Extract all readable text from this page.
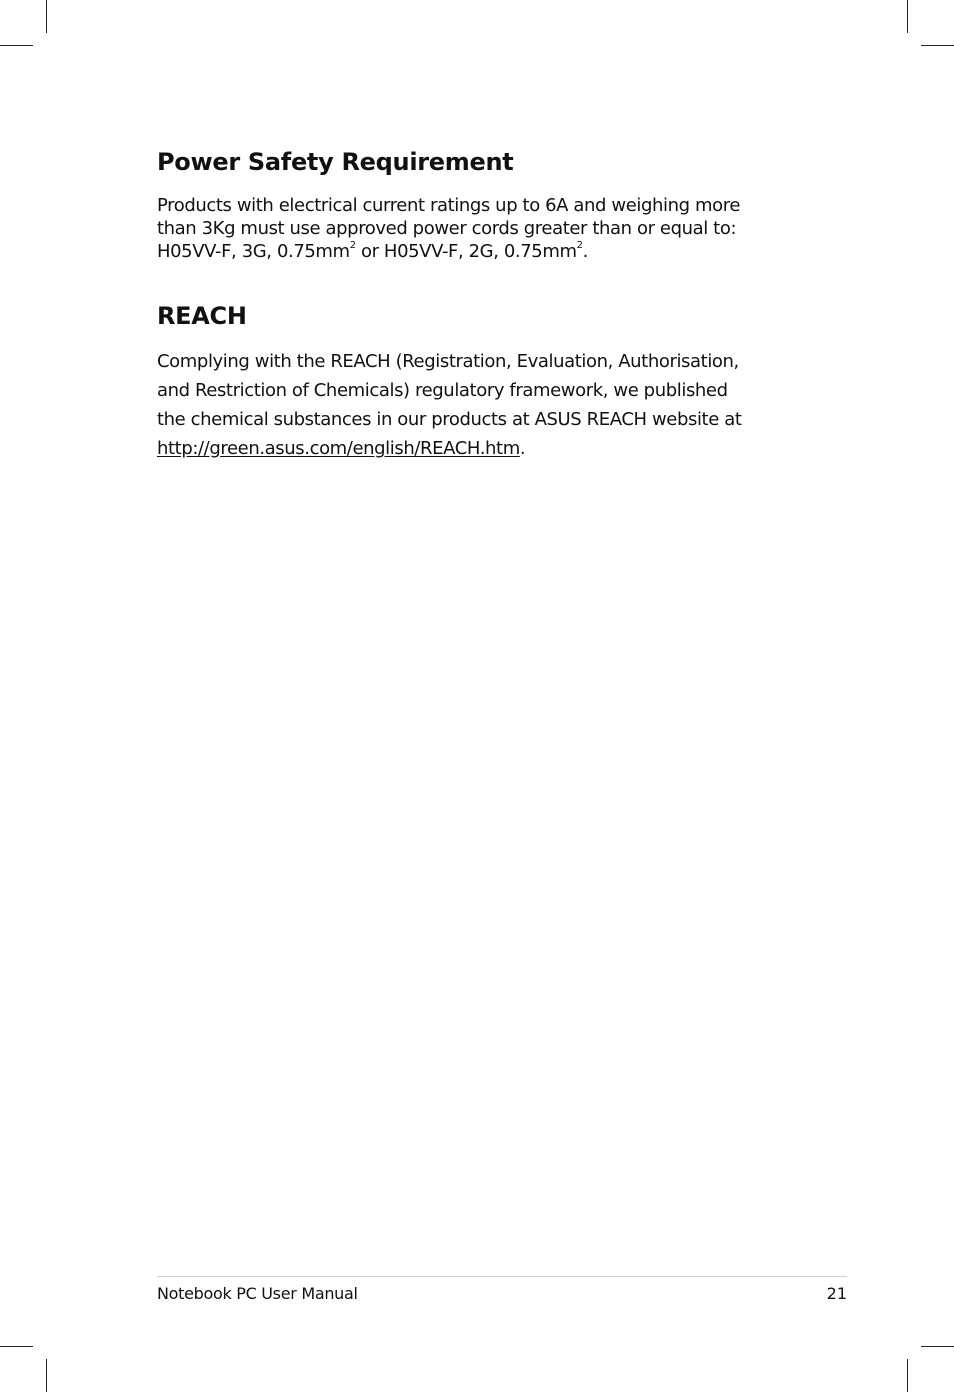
Power Safety Requirement

Products with electrical current ratings up to 6A and weighing more
than 3Kg must use approved power cords greater than or equal to:
H05VV-F, 3G, $0.75mm^2$ or H05VV-F, 2G, $0.75mm^2$.

REACH

Complying with the REACH (Registration, Evaluation, Authorisation,
and Restriction of Chemicals) regulatory framework, we published
the chemical substances in our products at ASUS REACH website at
http://green.asus.com/english/REACH.htm.

Notebook PC User Manual	21
